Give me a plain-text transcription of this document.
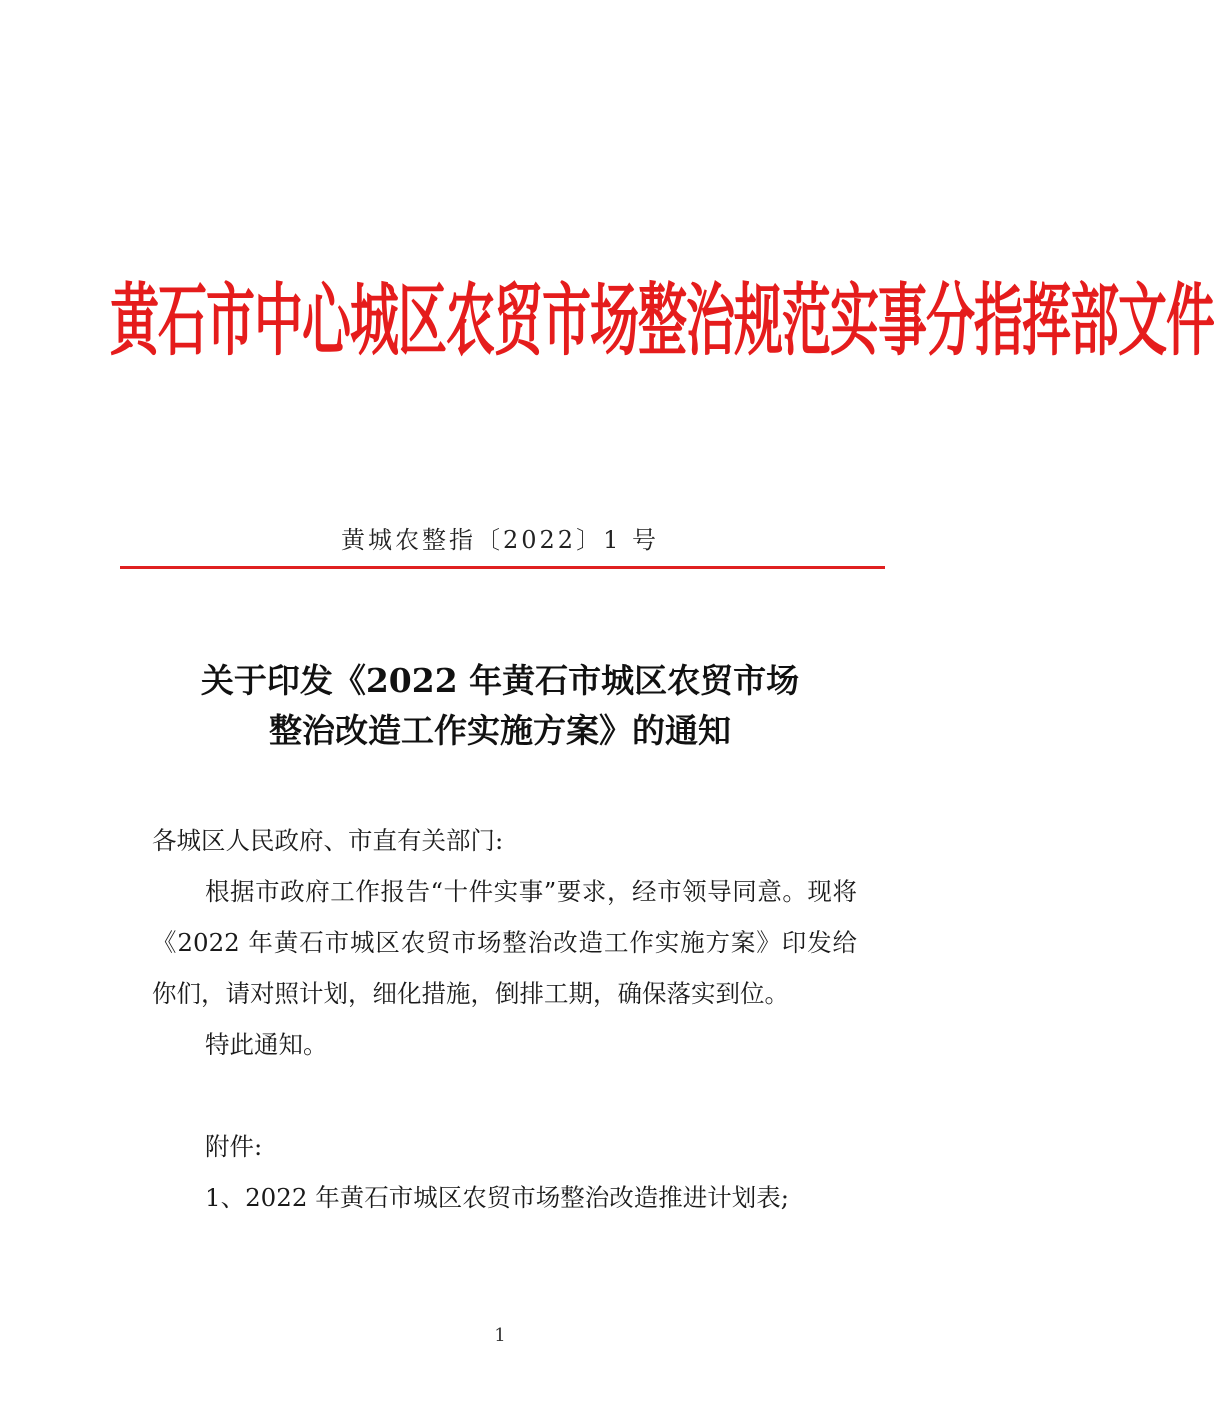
黄石市中心城区农贸市场整治规范实事分指挥部文件
黄城农整指〔2022〕1 号
关于印发《2022 年黄石市城区农贸市场
整治改造工作实施方案》的通知

各城区人民政府、市直有关部门:

根据市政府工作报告“十件实事”要求，经市领导同意。现将《2022 年黄石市城区农贸市场整治改造工作实施方案》印发给你们，请对照计划，细化措施，倒排工期，确保落实到位。

特此通知。

附件:

1、2022 年黄石市城区农贸市场整治改造推进计划表;

1
